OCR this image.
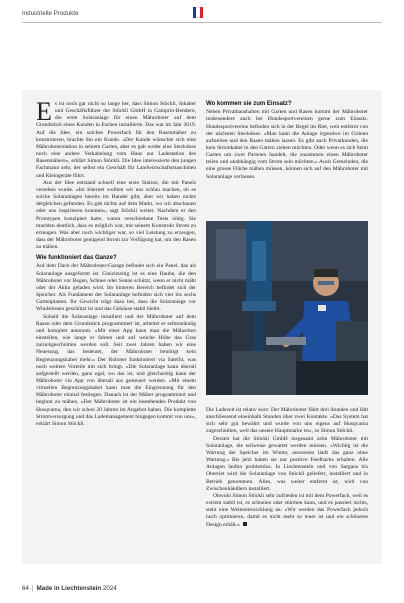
Industrielle Produkte
E s ist noch gar nicht so lange her, dass Simon Stöckli, Inhaber und Geschäftsführer der Stöckli GmbH in Gamprin-Bendern, die erste Solaranlage für einen Mähroboter auf dem Grundstück eines Kunden in Eschen installierte. Das war im Jahr 2019. Auf die Idee, ein solches Powerfach für den Rasenmäher zu konstruieren, brachte ihn ein Kunde. «Der Kunde wünschte sich eine Mähroboterstation in seinem Garten, aber es gab weder eine Steckdose noch eine andere Verkabelung vom Haus zur Ladestation des Rasenmähers», erklärt Simon Stöckli. Die Idee interessierte den jungen Fachmann sehr, der selbst ein Geschäft für Landwirtschaftsmaschinen und Kleingeräte führt.

Aus der Idee entstand schnell eine erste Station, die mit Panels versehen wurde. «Im Internet wollten wir uns schlau machen, ob es solche Solaranlagen bereits im Handel gibt, aber wir haben nichts dergleichen gefunden. Es gab nichts auf dem Markt, wo wir abschauen oder uns inspirieren konnten», sagt Stöckli weiter. Nachdem er den Prototypen konzipiert hatte, waren verschiedene Tests nötig. Sie machten deutlich, dass es möglich war, mit seinem Konstrukt Strom zu erzeugen. Was aber noch wichtiger war, so viel Leistung zu erzeugen, dass der Mähroboter genügend Strom zur Verfügung hat, um den Rasen zu mähen.

Wie funktioniert das Ganze?

Auf dem Dach der Mähroboter-Garage befindet sich ein Panel, das als Solaranlage ausgeformt ist. Gleichzeitig ist es eine Haube, die den Mähroboter vor Regen, Schnee oder Sonne schützt, wenn er nicht mäht oder der Akku geladen wird. Im hinteren Bereich befindet sich der Speicher. Als Fundament der Solaranlage befinden sich vier bis sechs Gartenplatten. Ihr Gewicht trägt dazu bei, dass die Solaranlage vor Windstössen geschützt ist und das Gehäuse stabil bleibt.

Sobald die Solaranlage installiert und der Mähroboter auf dem Rasen oder dem Grundstück programmiert ist, arbeitet er selbstständig und komplett autonom. «Mit einer App kann man die Mähzeiten einstellen, wie lange er fahren und auf welche Höhe das Gras zurückgeschnitten werden soll. Seit zwei Jahren haben wir eine Neuerung, das bedeutet, der Mähroboter benötigt kein Begrenzungskabel mehr.» Der Roboter funktioniert via Satellit, was noch weitere Vorteile mit sich bringt. «Die Solaranlage kann überall aufgestellt werden, ganz egal, wo das ist, und gleichzeitig kann der Mähroboter via App von überall aus gesteuert werden. «Mit einem virtuellen Begrenzungskabel kann man die Eingrenzung für den Mähroboter einmal festlegen. Danach ist der Mäher programmiert und beginnt zu mähen. «Der Mähroboter ist ein bestehendes Produkt von Husqvarna, den wir schon 20 Jahren im Angebot haben. Die komplette Stromversorgung und das Lademanagement hingegen kommt von uns», erklärt Simon Stöckli.

Wo kommen sie zum Einsatz?

Neben Privathaushalten mit Garten und Rasen kommt der Mähroboter insbesondere auch bei Hundesportvereinen gerne zum Einsatz. Hundesportvereine befinden sich in der Regel im Riet, weit entfernt von der nächsten Steckdose. «Man kann die Anlage irgendwo im Grünen aufstellen und den Rasen mähen lassen. Es gibt auch Privatkunden, die kein Stromkabel in den Garten ziehen möchten. Oder wenn es sich beim Garten um zwei Parteien handelt, die zusammen einen Mähroboter teilen und unabhängig vom Strom sein möchten.» Auch Gemeinden, die eine grosse Fläche mähen müssen, können sich auf den Mähroboter mit Solaranlage verlassen.

Die Ladezeit ist relativ kurz: Der Mähroboter fährt drei Stunden und lädt anschliessend eineinhalb Stunden über zwei Kontakte. «Das System hat sich sehr gut bewährt und wurde von uns eigens auf Husqvarna zugeschnitten, weil das unsere Hauptmarke ist», so Simon Stöckli.

Derzeit hat die Stöckli GmbH insgesamt zehn Mähroboter mit Solaranlage, die teilweise gewartet werden müssen. «Wichtig ist die Wartung der Speicher im Winter, ansonsten läuft das ganz ohne Wartung.» Bis jetzt haben sie nur positive Feedbacks erhalten. Alle Anlagen laufen problemlos. In Liechtenstein und von Sargans bis Oberriet wird die Solaranlage von Stöckli geliefert, installiert und in Betrieb genommen. Alles, was weiter entfernt ist, wird von Zwischenhändlern installiert.

Obwohl Simon Stöckli sehr zufrieden ist mit dem Powerfach, weil es extrem stabil ist, es schneien oder stürmen kann, und es passiert nichts, steht eine Weiterentwicklung an: «Wir werden das Powerfach jedoch noch optimieren, damit es nicht mehr so teuer ist und ein schöneres Design erhält.»

64 | Made in Liechtenstein 2024
